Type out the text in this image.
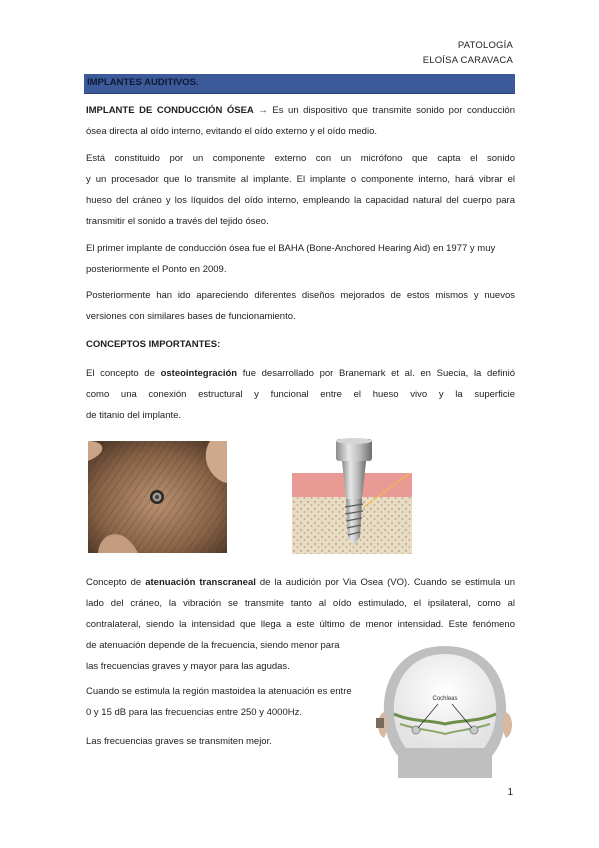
PATOLOGÍA
ELOÍSA CARAVACA
IMPLANTES AUDITIVOS.
IMPLANTE DE CONDUCCIÓN ÓSEA → Es un dispositivo que transmite sonido por conducción
ósea directa al oído interno, evitando el oído externo y el oído medio.
Está constituido por un componente externo con un micrófono que capta el sonido
y un procesador que lo transmite al implante. El implante o componente interno, hará vibrar el
hueso del cráneo y los líquidos del oído interno, empleando la capacidad natural del cuerpo para
transmitir el sonido a través del tejido óseo.
El primer implante de conducción ósea fue el BAHA (Bone-Anchored Hearing Aid) en 1977 y muy
posteriormente el Ponto en 2009.
Posteriormente han ido apareciendo diferentes diseños mejorados de estos mismos y nuevos
versiones con similares bases de funcionamiento.
CONCEPTOS IMPORTANTES:
El concepto de osteointegración fue desarrollado por Branemark et al. en Suecia, la definió
como una conexión estructural y funcional entre el hueso vivo y la superficie
de titanio del implante.
Concepto de atenuación transcraneal de la audición por Via Osea (VO). Cuando se estimula un
lado del cráneo, la vibración se transmite tanto al oído estimulado, el ipsilateral, como al
contralateral, siendo la intensidad que llega a este último de menor intensidad. Este fenómeno
de atenuación depende de la frecuencia, siendo menor para
las frecuencias graves y mayor para las agudas.
Cuando se estimula la región mastoidea la atenuación es entre
0 y 15 dB para las frecuencias entre 250 y 4000Hz.
Las frecuencias graves se transmiten mejor.
Cochleas
1
